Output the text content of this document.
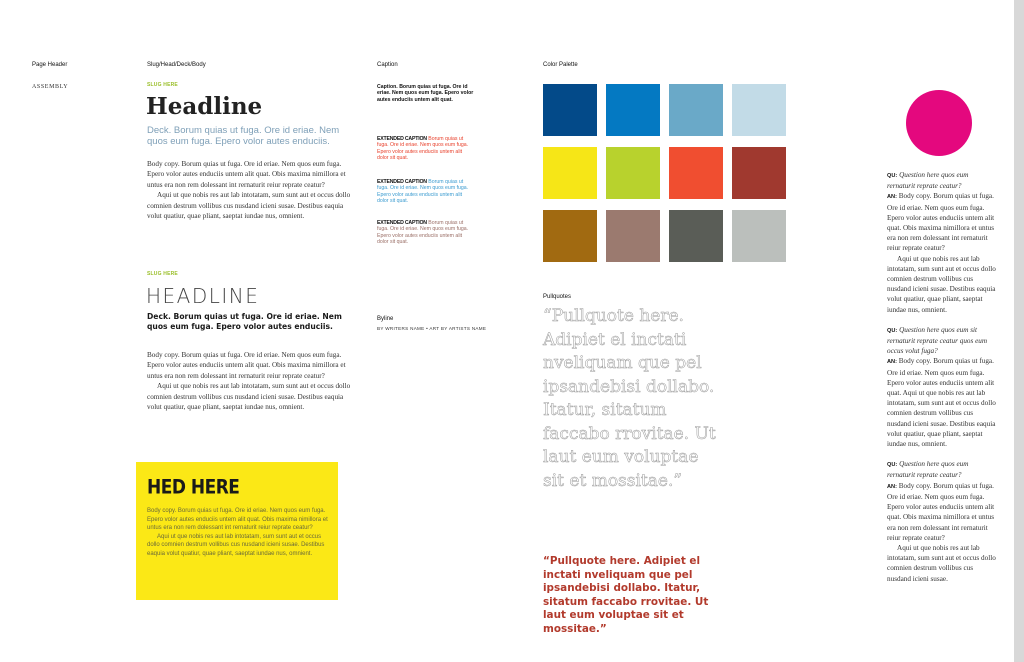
Page Header	Slug/Head/Deck/Body	Caption	Color Palette
ASSEMBLY	SLUG HERE
Headline
Deck. Borum quias ut fuga. Ore id eriae. Nem quos eum fuga. Epero volor autes enduciis.
Body copy. Borum quias ut fuga. Ore id eriae. Nem quos eum fuga. Epero volor autes enduciis untem alit quat. Obis maxima nimillora et untus era non rem dolessant int rernaturit reiur reprate ceatur?
Aqui ut que nobis res aut lab intotatam, sum sunt aut et occus dollo comnien destrum vollibus cus nusdand icieni susae. Destibus eaquia volut quatiur, quae pliant, saeptat iundae nus, omnient.
SLUG HERE
HEADLINE
Deck. Borum quias ut fuga. Ore id eriae. Nem quos eum fuga. Epero volor autes enduciis.
Body copy. Borum quias ut fuga. Ore id eriae. Nem quos eum fuga. Epero volor autes enduciis untem alit quat. Obis maxima nimillora et untus era non rem dolessant int rernaturit reiur reprate ceatur?
Aqui ut que nobis res aut lab intotatam, sum sunt aut et occus dollo comnien destrum vollibus cus nusdand icieni susae. Destibus eaquia volut quatiur, quae pliant, saeptat iundae nus, omnient.
HED HERE
Body copy. Borum quias ut fuga. Ore id eriae. Nem quos eum fuga. Epero volor autes enduciis untem alit quat. Obis maxima nimillora et untus era non rem dolessant int rernaturit reiur reprate ceatur?
Aqui ut que nobis res aut lab intotatam, sum sunt aut et occus dollo comnien destrum vollibus cus nusdand icieni susae. Destibus eaquia volut quatiur, quae pliant, saeptat iundae nus, omnient.
Caption. Borum quias ut fuga. Ore id eriae. Nem quos eum fuga. Epero volor autes enduciis untem alit quat.
EXTENDED CAPTION Borum quias ut fuga. Ore id eriae. Nem quos eum fuga. Epero volor autes enduciis untem alit dolor sit quat.
EXTENDED CAPTION Borum quias ut fuga. Ore id eriae. Nem quos eum fuga. Epero volor autes enduciis untem alit dolor sit quat.
EXTENDED CAPTION Borum quias ut fuga. Ore id eriae. Nem quos eum fuga. Epero volor autes enduciis untem alit dolor sit quat.
Byline
BY WRITERS NAME • ART BY ARTISTS NAME
Pullquotes
“Pullquote here. Adipiet el inctati nveliquam que pel ipsandebisi dollabo. Itatur, sitatum faccabo rrovitae. Ut laut eum voluptae sit et mossitae.”
“Pullquote here. Adipiet el inctati nveliquam que pel ipsandebisi dollabo. Itatur, sitatum faccabo rrovitae. Ut laut eum voluptae sit et mossitae.”
QU: Question here quos eum rernaturit reprate ceatur?
AN: Body copy. Borum quias ut fuga. Ore id eriae. Nem quos eum fuga. Epero volor autes enduciis untem alit quat. Obis maxima nimillora et untus era non rem dolessant int rernaturit reiur reprate ceatur?
Aqui ut que nobis res aut lab intotatam, sum sunt aut et occus dollo comnien destrum vollibus cus nusdand icieni susae. Destibus eaquia volut quatiur, quae pliant, saeptat iundae nus, omnient.
QU: Question here quos eum sit rernaturit reprate ceatur quos eum occus volut fuga?
AN: Body copy. Borum quias ut fuga. Ore id eriae. Nem quos eum fuga. Epero volor autes enduciis untem alit quat. Aqui ut que nobis res aut lab intotatam, sum sunt aut et occus dollo comnien destrum vollibus cus nusdand icieni susae. Destibus eaquia volut quatiur, quae pliant, saeptat iundae nus, omnient.
QU: Question here quos eum rernaturit reprate ceatur?
AN: Body copy. Borum quias ut fuga. Ore id eriae. Nem quos eum fuga. Epero volor autes enduciis untem alit quat. Obis maxima nimillora et untus era non rem dolessant int rernaturit reiur reprate ceatur?
Aqui ut que nobis res aut lab intotatam, sum sunt aut et occus dollo comnien destrum vollibus cus nusdand icieni susae.
